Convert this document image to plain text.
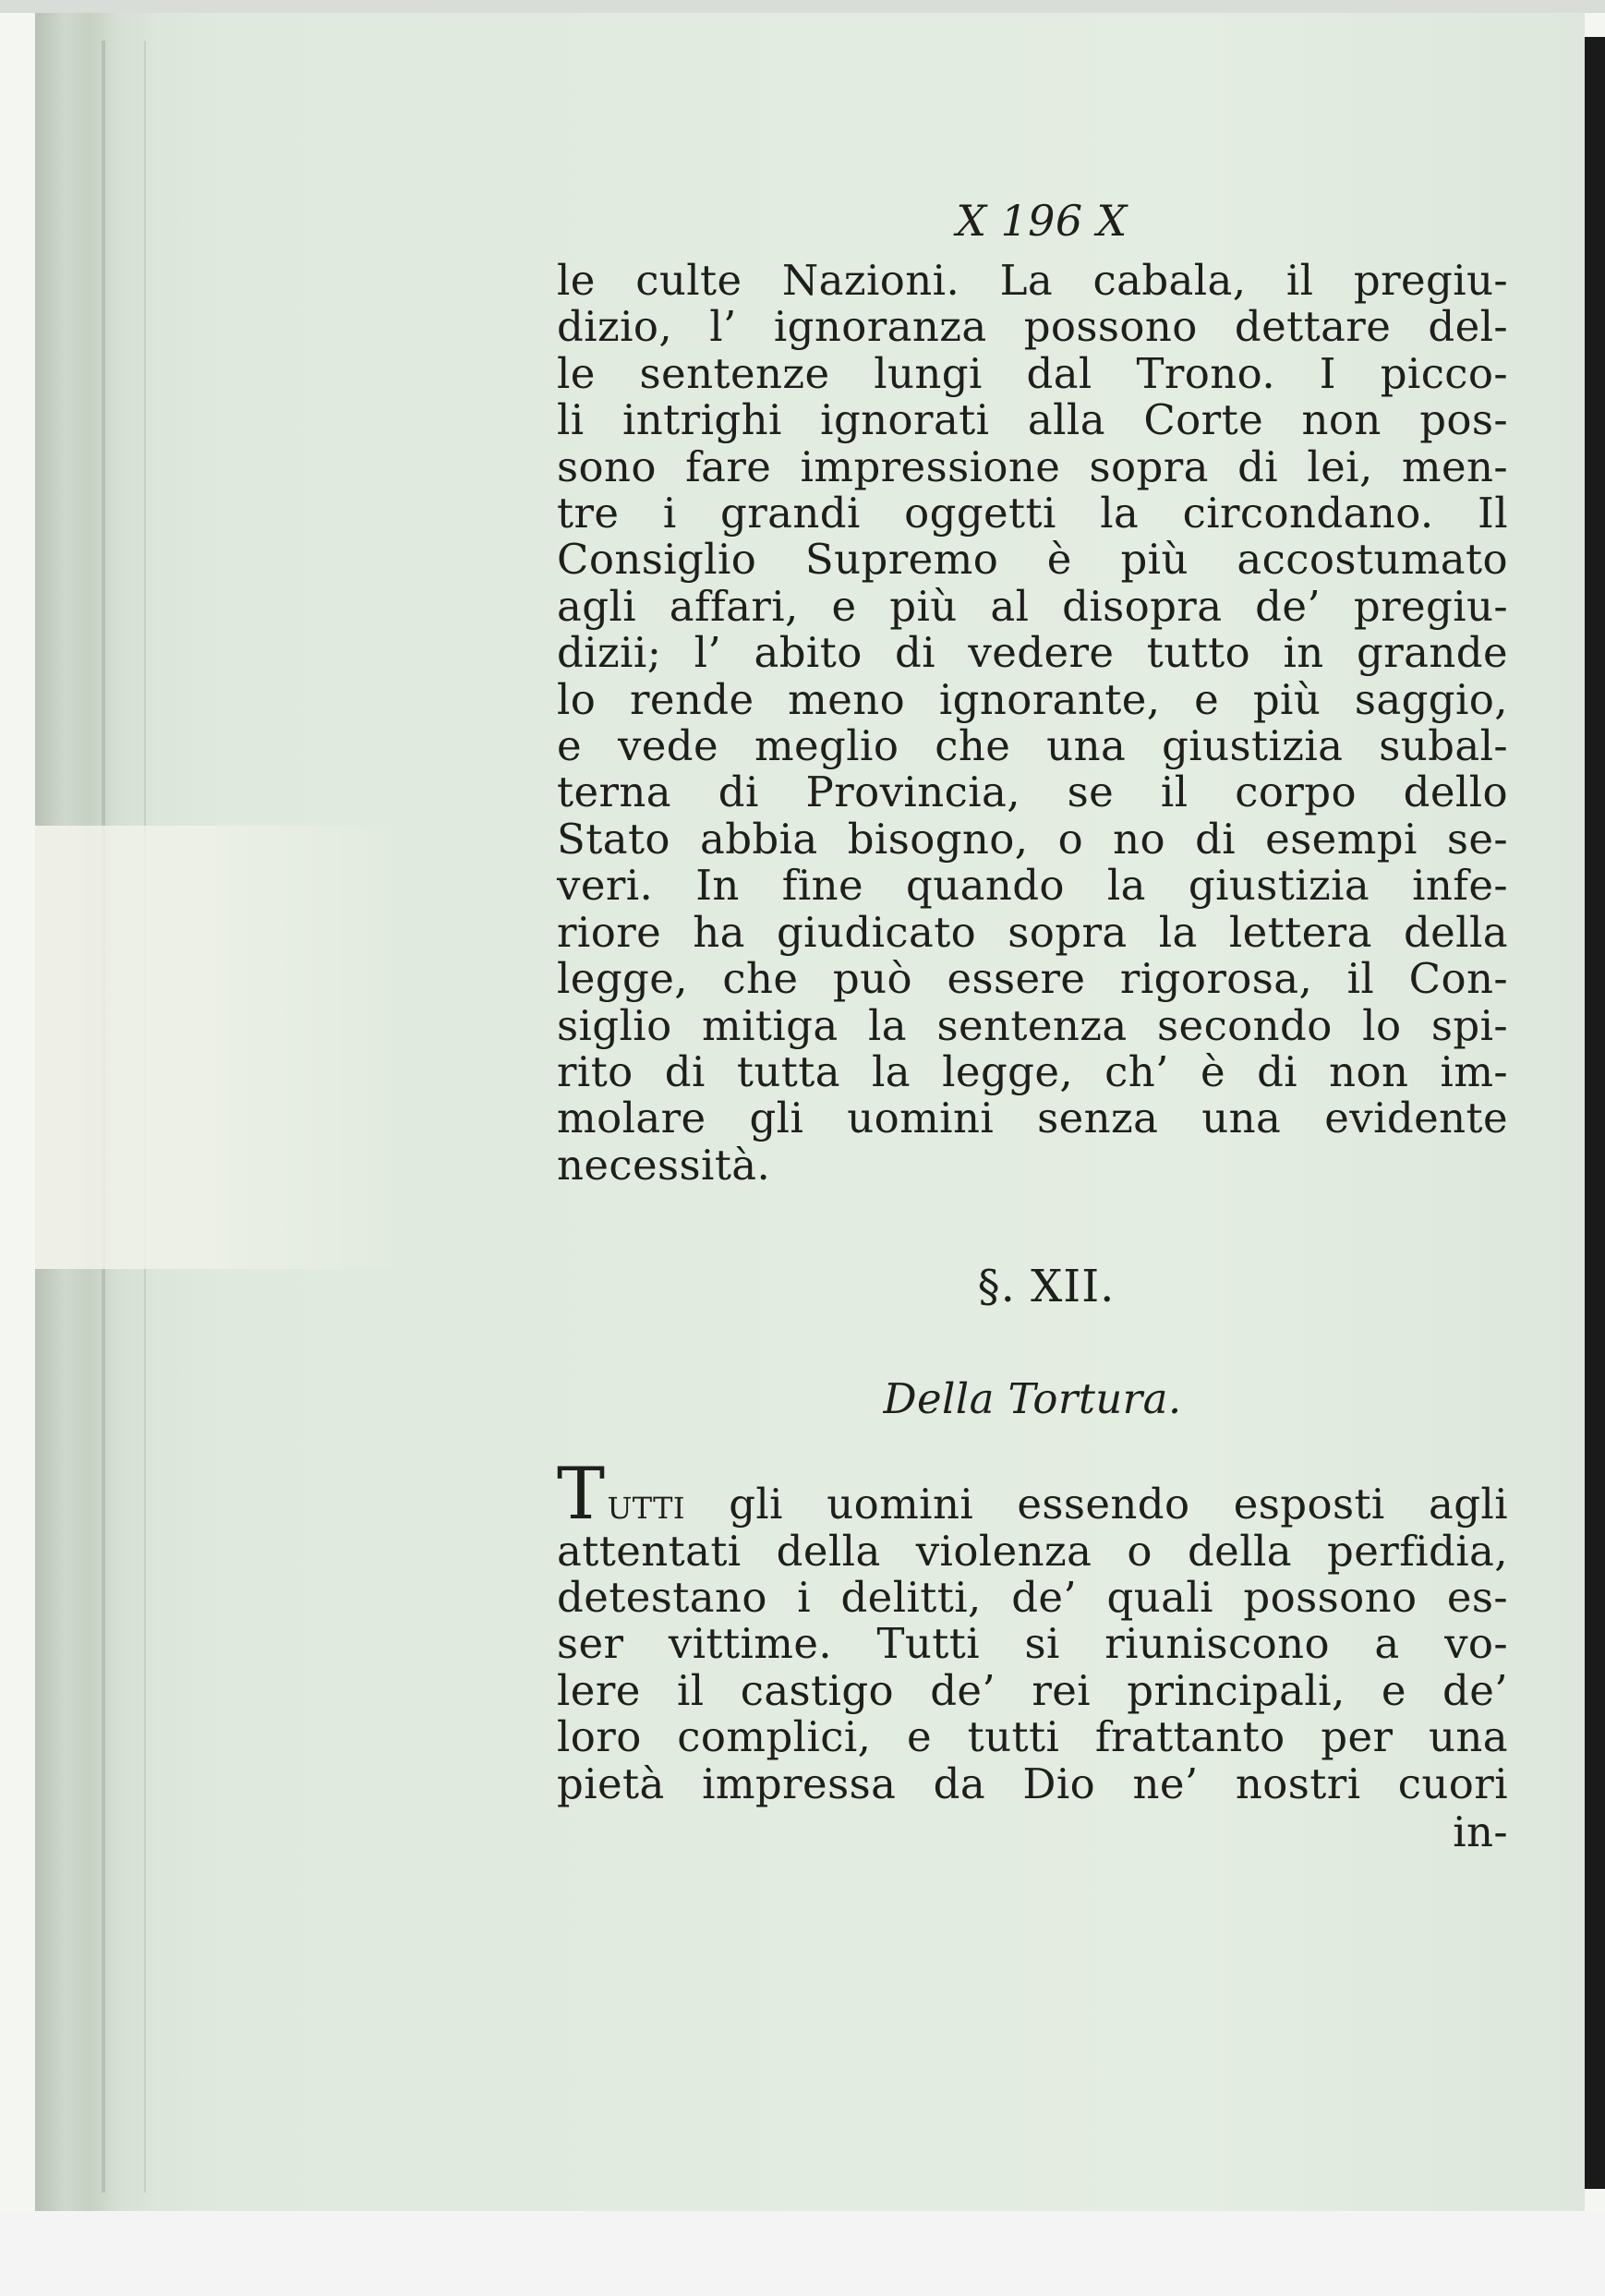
X 196 X
le culte Nazioni. La cabala, il pregiu-
dizio, l’ ignoranza possono dettare del-
le sentenze lungi dal Trono. I picco-
li intrighi ignorati alla Corte non pos-
sono fare impressione sopra di lei, men-
tre i grandi oggetti la circondano. Il
Consiglio Supremo è più accostumato
agli affari, e più al disopra de’ pregiu-
dizii; l’ abito di vedere tutto in grande
lo rende meno ignorante, e più saggio,
e vede meglio che una giustizia subal-
terna di Provincia, se il corpo dello
Stato abbia bisogno, o no di esempi se-
veri. In fine quando la giustizia infe-
riore ha giudicato sopra la lettera della
legge, che può essere rigorosa, il Con-
siglio mitiga la sentenza secondo lo spi-
rito di tutta la legge, ch’ è di non im-
molare gli uomini senza una evidente
necessità.
§. XII.
Della Tortura.
T utti	gli uomini essendo esposti agli
attentati della violenza o della perfidia,
detestano i delitti, de’ quali possono es-
ser vittime. Tutti si riuniscono a vo-
lere il castigo de’ rei principali, e de’
loro complici, e tutti frattanto per una
pietà impressa da Dio ne’ nostri cuori
in-
